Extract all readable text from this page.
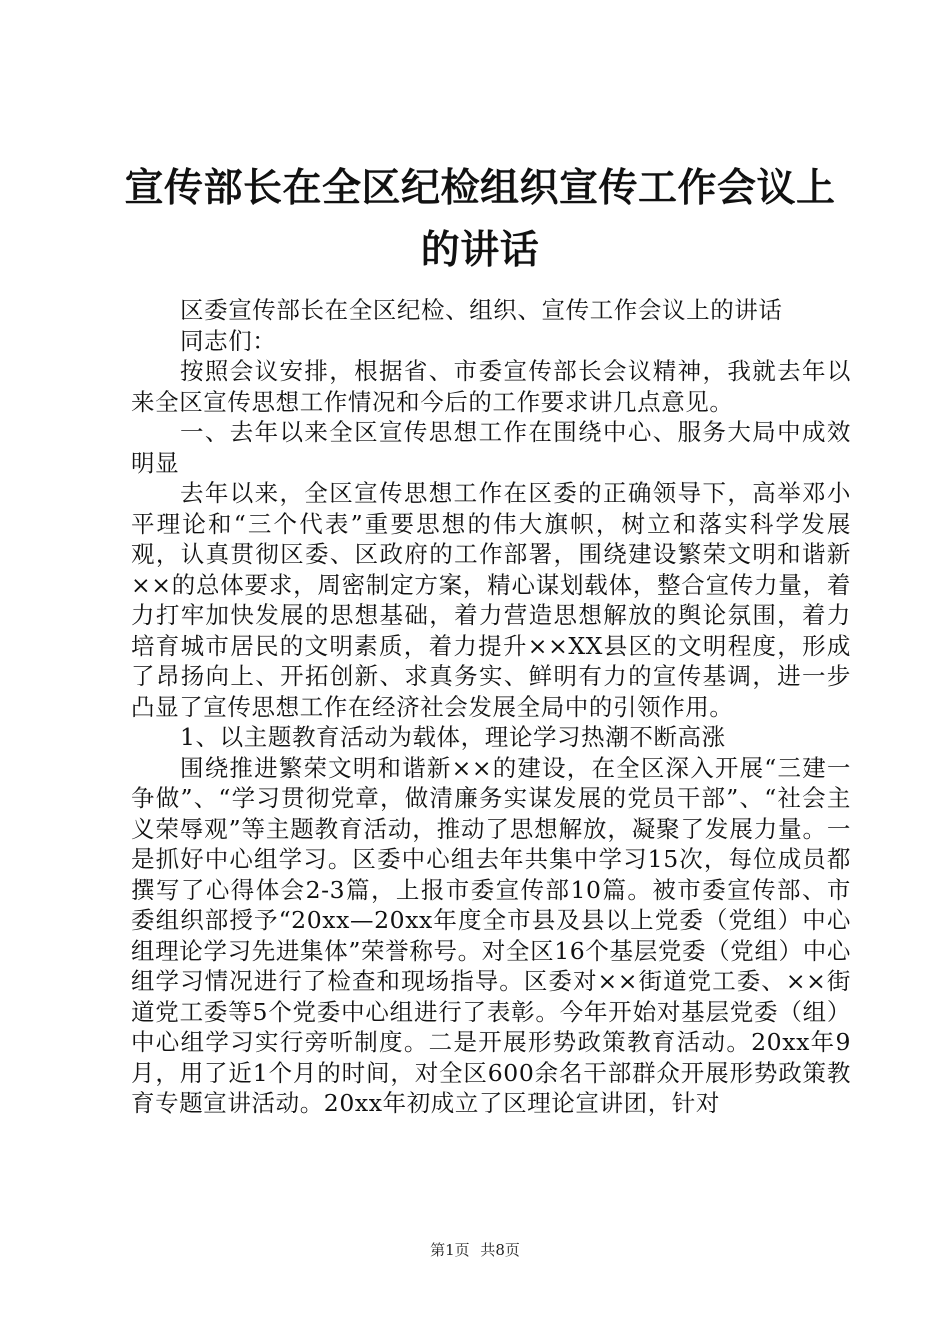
宣传部长在全区纪检组织宣传工作会议上的讲话

区委宣传部长在全区纪检、组织、宣传工作会议上的讲话

同志们：

按照会议安排，根据省、市委宣传部长会议精神，我就去年以来全区宣传思想工作情况和今后的工作要求讲几点意见。

一、去年以来全区宣传思想工作在围绕中心、服务大局中成效明显

去年以来，全区宣传思想工作在区委的正确领导下，高举邓小平理论和“三个代表”重要思想的伟大旗帜，树立和落实科学发展观，认真贯彻区委、区政府的工作部署，围绕建设繁荣文明和谐新××的总体要求，周密制定方案，精心谋划载体，整合宣传力量，着力打牢加快发展的思想基础，着力营造思想解放的舆论氛围，着力培育城市居民的文明素质，着力提升××XX县区的文明程度，形成了昂扬向上、开拓创新、求真务实、鲜明有力的宣传基调，进一步凸显了宣传思想工作在经济社会发展全局中的引领作用。

1、以主题教育活动为载体，理论学习热潮不断高涨

围绕推进繁荣文明和谐新××的建设，在全区深入开展“三建一争做”、“学习贯彻党章，做清廉务实谋发展的党员干部”、“社会主义荣辱观”等主题教育活动，推动了思想解放，凝聚了发展力量。一是抓好中心组学习。区委中心组去年共集中学习15次，每位成员都撰写了心得体会2-3篇，上报市委宣传部10篇。被市委宣传部、市委组织部授予“20xx—20xx年度全市县及县以上党委（党组）中心组理论学习先进集体”荣誉称号。对全区16个基层党委（党组）中心组学习情况进行了检查和现场指导。区委对××街道党工委、××街道党工委等5个党委中心组进行了表彰。今年开始对基层党委（组）中心组学习实行旁听制度。二是开展形势政策教育活动。20xx年9月，用了近1个月的时间，对全区600余名干部群众开展形势政策教育专题宣讲活动。20xx年初成立了区理论宣讲团，针对

第1页 共8页
